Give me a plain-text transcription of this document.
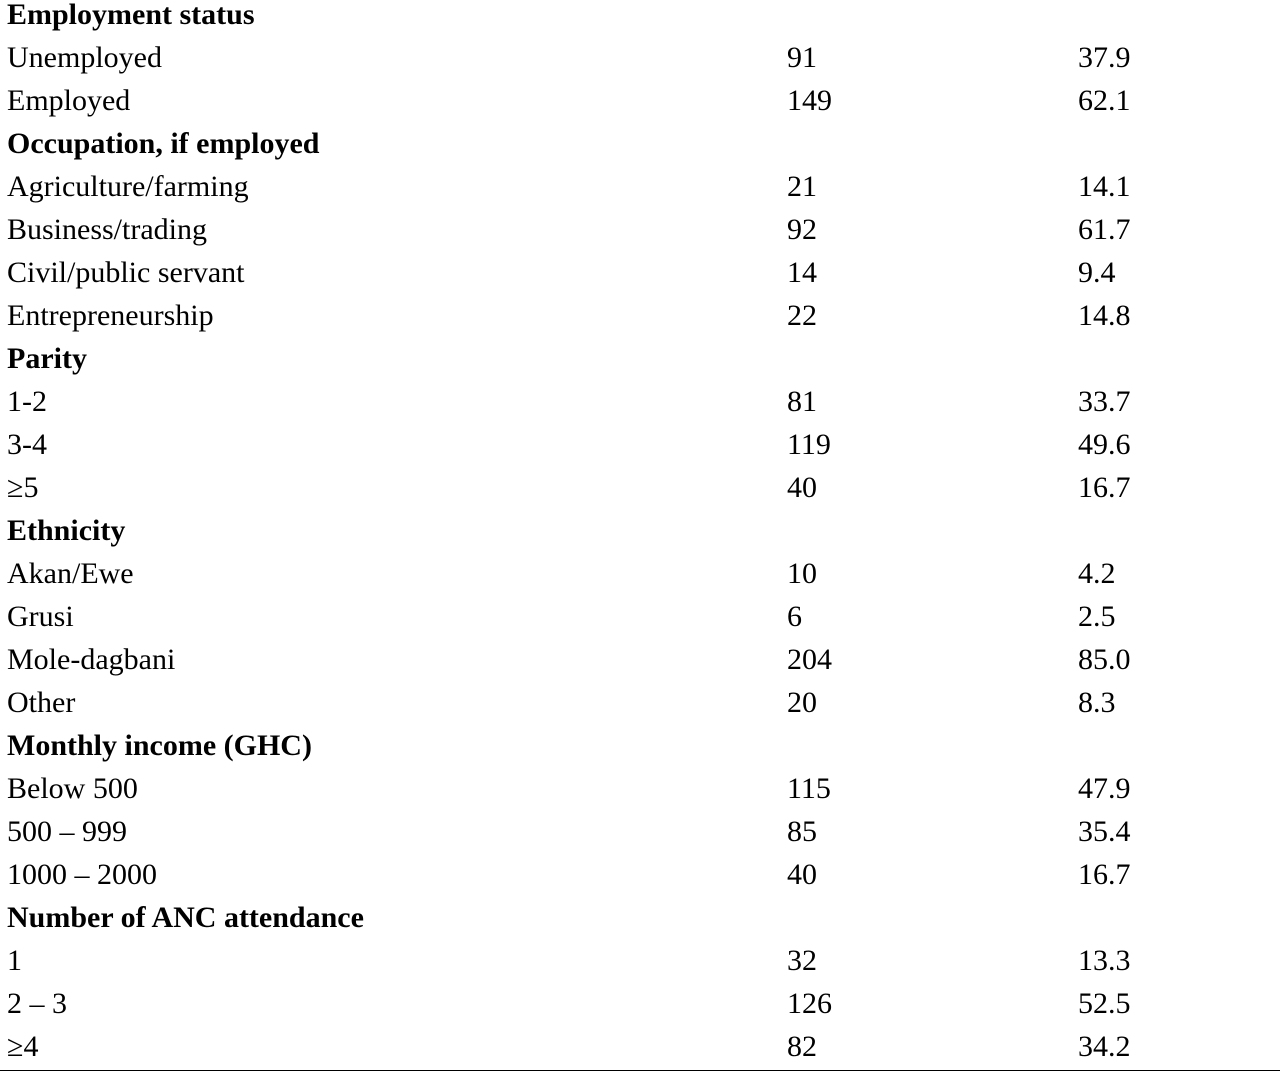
Employment status
Unemployed	91	37.9
Employed	149	62.1
Occupation, if employed
Agriculture/farming	21	14.1
Business/trading	92	61.7
Civil/public servant	14	9.4
Entrepreneurship	22	14.8
Parity
1-2	81	33.7
3-4	119	49.6
≥5	40	16.7
Ethnicity
Akan/Ewe	10	4.2
Grusi	6	2.5
Mole-dagbani	204	85.0
Other	20	8.3
Monthly income (GHC)
Below 500	115	47.9
500 – 999	85	35.4
1000 – 2000	40	16.7
Number of ANC attendance
1	32	13.3
2 – 3	126	52.5
≥4	82	34.2
